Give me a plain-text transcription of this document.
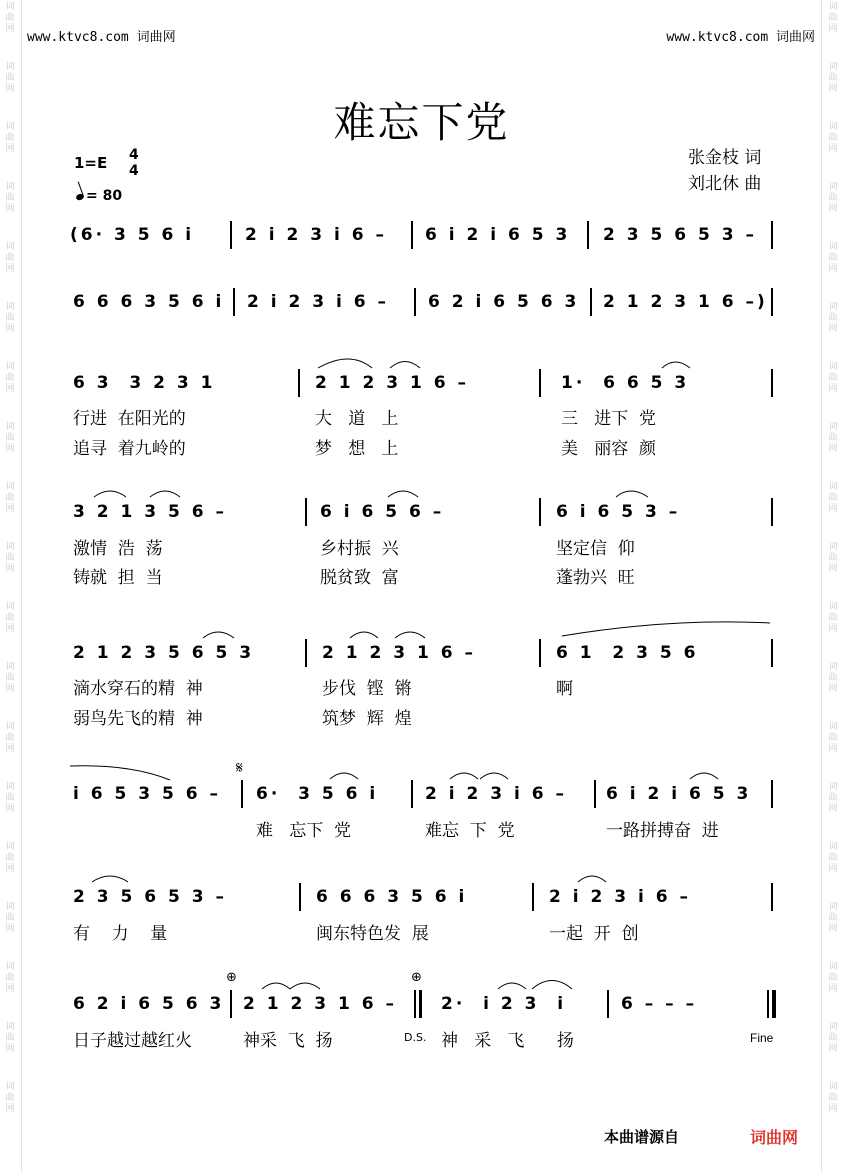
词
曲
网
词
曲
网
词
曲
网
词
曲
网
词
曲
网
词
曲
网
词
曲
网
词
曲
网
词
曲
网
词
曲
网
词
曲
网
词
曲
网
词
曲
网
词
曲
网
词
曲
网
词
曲
网
词
曲
网
词
曲
网
词
曲
网
词
曲
网
词
曲
网
词
曲
网
词
曲
网
词
曲
网
词
曲
网
词
曲
网
词
曲
网
词
曲
网
词
曲
网
词
曲
网
词
曲
网
词
曲
网
词
曲
网
词
曲
网
词
曲
网
词
曲
网
词
曲
网
词
曲
网
www.ktvc8.com 词曲网	www.ktvc8.com 词曲网
难忘下党
1=E 4

4
= 80
张金枝 词
刘北休 曲
(6· 3 5 6 i	2 i 2 3 i 6 – 6 i 2 i 6 5 3 2 3 5 6 5 3 –
6 6 6 3 5 6 i 2 i 2 3 i 6 – 6 2 i 6 5 6 3 2 1 2 3 1 6 –)
6 3  3 2 3 1	2 1 2 3 1 6 –	1·  6 6 5 3
行进  在阳光的	大   道   上	三   进下  党
追寻  着九岭的	梦   想   上	美   丽容  颜
3 2 1 3 5 6 –	6 i 6 5 6 –	6 i 6 5 3 –
激情  浩  荡	乡村振  兴	坚定信  仰
铸就  担  当	脱贫致  富	蓬勃兴  旺
2 1 2 3 5 6 5 3	2 1 2 3 1 6 –	6 1  2 3 5 6
滴水穿石的精  神	步伐  铿  锵	啊
弱鸟先飞的精  神	筑梦  辉  煌
𝄋
i 6 5 3 5 6 – 6·  3 5 6 i	2 i 2 3 i 6 – 6 i 2 i 6 5 3
难   忘下  党	难忘  下  党	一路拼搏奋  进
2 3 5 6 5 3 –	6 6 6 3 5 6 i	2 i 2 3 i 6 –
有    力    量	闽东特色发  展	一起  开  创
⊕	⊕
6 2 i 6 5 6 3 2 1 2 3 1 6 –	2·  i 2 3  i	6 – – –
日子越过越红火	神采  飞  扬	神   采   飞      扬
D.S.	Fine
本曲谱源自	词曲网
